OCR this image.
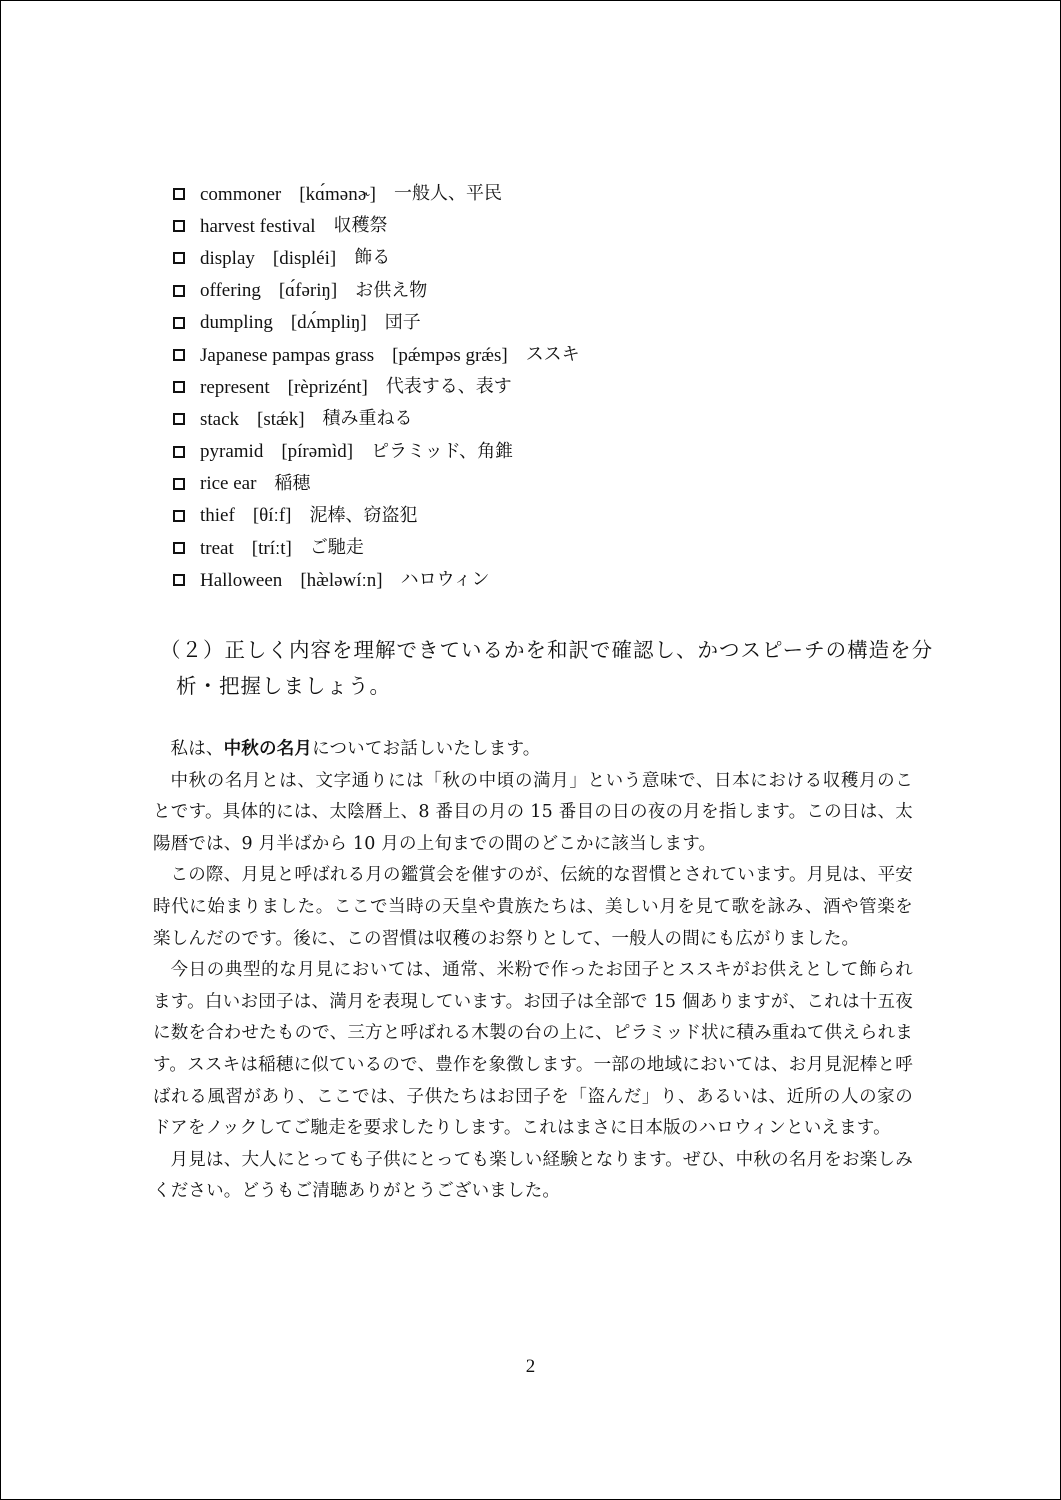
commoner [kɑ́mənɚ] 一般人、平民
harvest festival 収穫祭
display [displéi] 飾る
offering [ɑ́fəriŋ] お供え物
dumpling [dʌ́mpliŋ] 団子
Japanese pampas grass [pǽmpəs grǽs] ススキ
represent [rèprizént] 代表する、表す
stack [stǽk] 積み重ねる
pyramid [pírəmìd] ピラミッド、角錐
rice ear 稲穂
thief [θíːf] 泥棒、窃盗犯
treat [tríːt] ご馳走
Halloween [hæ̀ləwíːn] ハロウィン
（２）正しく内容を理解できているかを和訳で確認し、かつスピーチの構造を分析・把握しましょう。

私は、中秋の名月についてお話しいたします。

中秋の名月とは、文字通りには「秋の中頃の満月」という意味で、日本における収穫月のことです。具体的には、太陰暦上、8 番目の月の 15 番目の日の夜の月を指します。この日は、太陽暦では、9 月半ばから 10 月の上旬までの間のどこかに該当します。

この際、月見と呼ばれる月の鑑賞会を催すのが、伝統的な習慣とされています。月見は、平安時代に始まりました。ここで当時の天皇や貴族たちは、美しい月を見て歌を詠み、酒や管楽を楽しんだのです。後に、この習慣は収穫のお祭りとして、一般人の間にも広がりました。

今日の典型的な月見においては、通常、米粉で作ったお団子とススキがお供えとして飾られます。白いお団子は、満月を表現しています。お団子は全部で 15 個ありますが、これは十五夜に数を合わせたもので、三方と呼ばれる木製の台の上に、ピラミッド状に積み重ねて供えられます。ススキは稲穂に似ているので、豊作を象徴します。一部の地域においては、お月見泥棒と呼ばれる風習があり、ここでは、子供たちはお団子を「盗んだ」り、あるいは、近所の人の家のドアをノックしてご馳走を要求したりします。これはまさに日本版のハロウィンといえます。

月見は、大人にとっても子供にとっても楽しい経験となります。ぜひ、中秋の名月をお楽しみください。どうもご清聴ありがとうございました。

2
